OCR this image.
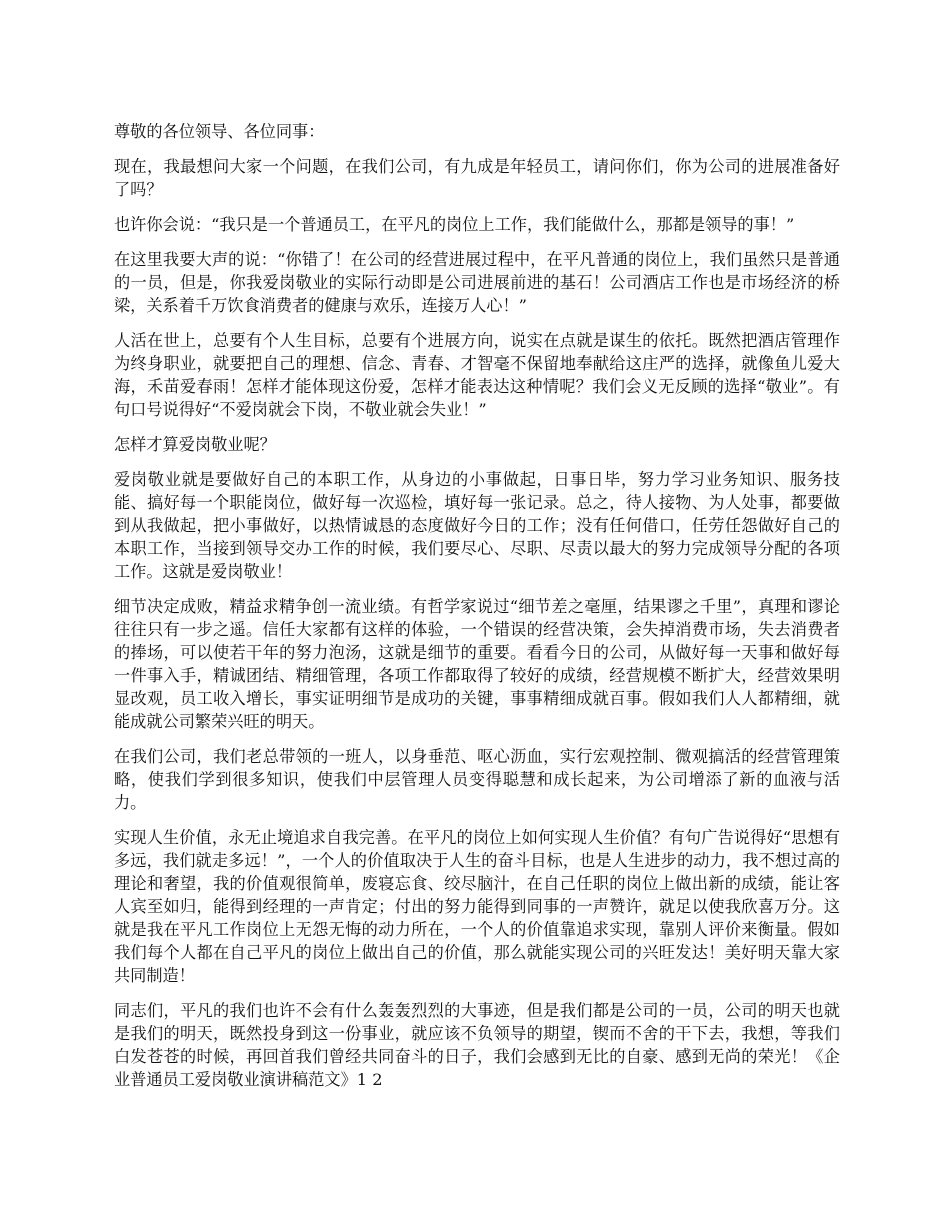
尊敬的各位领导、各位同事：

现在，我最想问大家一个问题，在我们公司，有九成是年轻员工，请问你们，你为公司的进展准备好了吗？

也许你会说：“我只是一个普通员工，在平凡的岗位上工作，我们能做什么，那都是领导的事！”

在这里我要大声的说：“你错了！在公司的经营进展过程中，在平凡普通的岗位上，我们虽然只是普通的一员，但是，你我爱岗敬业的实际行动即是公司进展前进的基石！公司酒店工作也是市场经济的桥梁，关系着千万饮食消费者的健康与欢乐，连接万人心！”

人活在世上，总要有个人生目标，总要有个进展方向，说实在点就是谋生的依托。既然把酒店管理作为终身职业，就要把自己的理想、信念、青春、才智毫不保留地奉献给这庄严的选择，就像鱼儿爱大海，禾苗爱春雨！怎样才能体现这份爱，怎样才能表达这种情呢？我们会义无反顾的选择“敬业”。有句口号说得好“不爱岗就会下岗，不敬业就会失业！”

怎样才算爱岗敬业呢？

爱岗敬业就是要做好自己的本职工作，从身边的小事做起，日事日毕，努力学习业务知识、服务技能、搞好每一个职能岗位，做好每一次巡检，填好每一张记录。总之，待人接物、为人处事，都要做到从我做起，把小事做好，以热情诚恳的态度做好今日的工作；没有任何借口，任劳任怨做好自己的本职工作，当接到领导交办工作的时候，我们要尽心、尽职、尽责以最大的努力完成领导分配的各项工作。这就是爱岗敬业！

细节决定成败，精益求精争创一流业绩。有哲学家说过“细节差之毫厘，结果谬之千里”，真理和谬论往往只有一步之遥。信任大家都有这样的体验，一个错误的经营决策，会失掉消费市场，失去消费者的捧场，可以使若干年的努力泡汤，这就是细节的重要。看看今日的公司，从做好每一天事和做好每一件事入手，精诚团结、精细管理，各项工作都取得了较好的成绩，经营规模不断扩大，经营效果明显改观，员工收入增长，事实证明细节是成功的关键，事事精细成就百事。假如我们人人都精细，就能成就公司繁荣兴旺的明天。

在我们公司，我们老总带领的一班人，以身垂范、呕心沥血，实行宏观控制、微观搞活的经营管理策略，使我们学到很多知识，使我们中层管理人员变得聪慧和成长起来，为公司增添了新的血液与活力。

实现人生价值，永无止境追求自我完善。在平凡的岗位上如何实现人生价值？有句广告说得好“思想有多远，我们就走多远！”，一个人的价值取决于人生的奋斗目标，也是人生进步的动力，我不想过高的理论和奢望，我的价值观很简单，废寝忘食、绞尽脑汁，在自己任职的岗位上做出新的成绩，能让客人宾至如归，能得到经理的一声肯定；付出的努力能得到同事的一声赞许，就足以使我欣喜万分。这就是我在平凡工作岗位上无怨无悔的动力所在，一个人的价值靠追求实现，靠别人评价来衡量。假如我们每个人都在自己平凡的岗位上做出自己的价值，那么就能实现公司的兴旺发达！美好明天靠大家共同制造！

同志们，平凡的我们也许不会有什么轰轰烈烈的大事迹，但是我们都是公司的一员，公司的明天也就是我们的明天，既然投身到这一份事业，就应该不负领导的期望，锲而不舍的干下去，我想，等我们白发苍苍的时候，再回首我们曾经共同奋斗的日子，我们会感到无比的自豪、感到无尚的荣光！《企业普通员工爱岗敬业演讲稿范文》1 2
